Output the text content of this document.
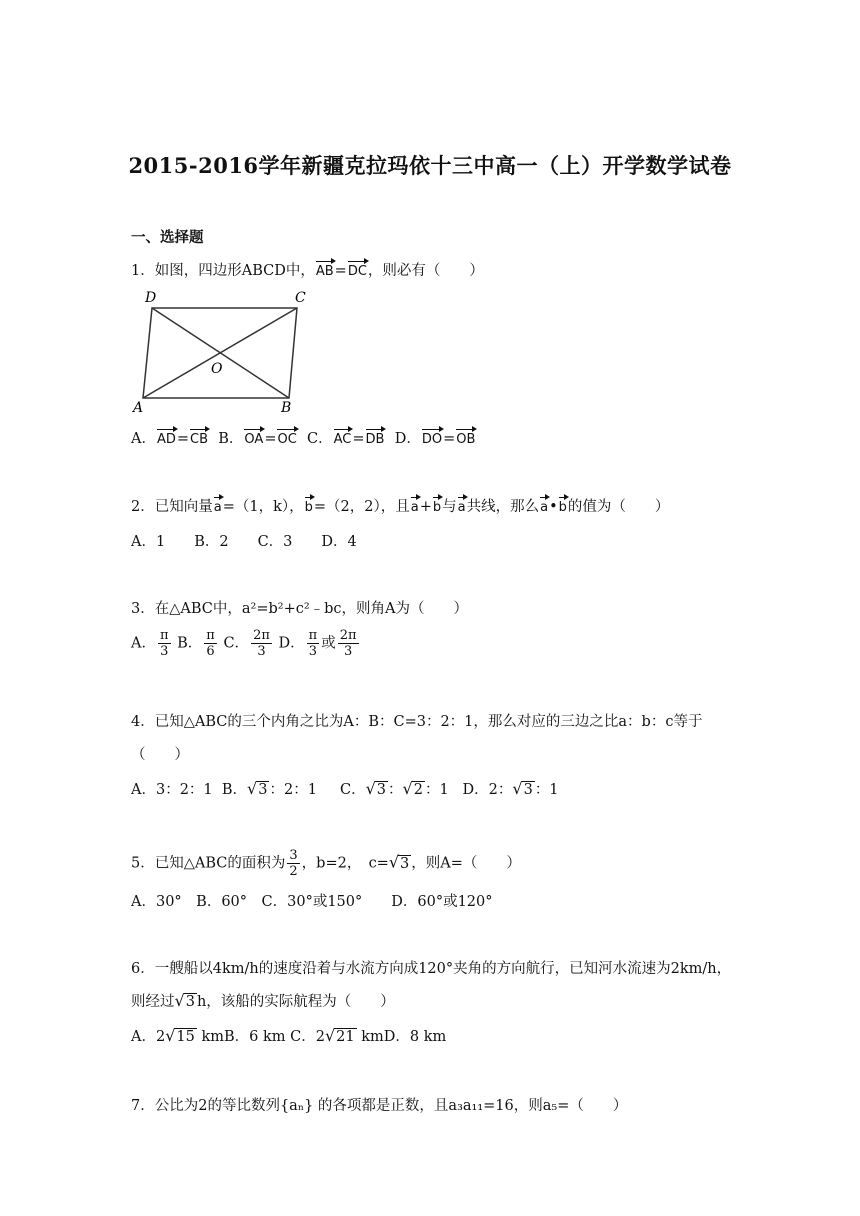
2015-2016学年新疆克拉玛依十三中高一（上）开学数学试卷
一、选择题
1．如图，四边形ABCD中，AB=DC，则必有（　　）
D	C
A	B
O
A．AD=CB B．OA=OC C．AC=DB D．DO=OB
2．已知向量a=（1，k），b=（2，2），且a+b与a共线，那么a•b的值为（　　）
A．1　　B．2　　C．3　　D．4
3．在△ABC中，a²=b²+c²﹣bc，则角A为（　　）
A． $\frac{\pi}{3}$ B． $\frac{\pi}{6}$ C． $\frac{2\pi}{3}$ D． $\frac{\pi}{3}$ 或 $\frac{2\pi}{3}$
4．已知△ABC的三个内角之比为A：B：C=3：2：1，那么对应的三边之比a：b：c等于
（　　）
A．3：2：1 B．√3 ：2：1 C．√3 ：√2 ：1 D．2：√3 ：1
5．已知△ABC的面积为 $\frac{3}{2}$ ，b=2，　c=√3 ，则A=（　　）
A．30°　B．60°　C．30°或150°　　D．60°或120°
6．一艘船以4km/h的速度沿着与水流方向成120°夹角的方向航行，已知河水流速为2km/h，
则经过√3 h，该船的实际航程为（　　）
A．2√15 kmB．6 km C．2√21 kmD．8 km
7．公比为2的等比数列{aₙ} 的各项都是正数，且a₃a₁₁=16，则a₅=（　　）
